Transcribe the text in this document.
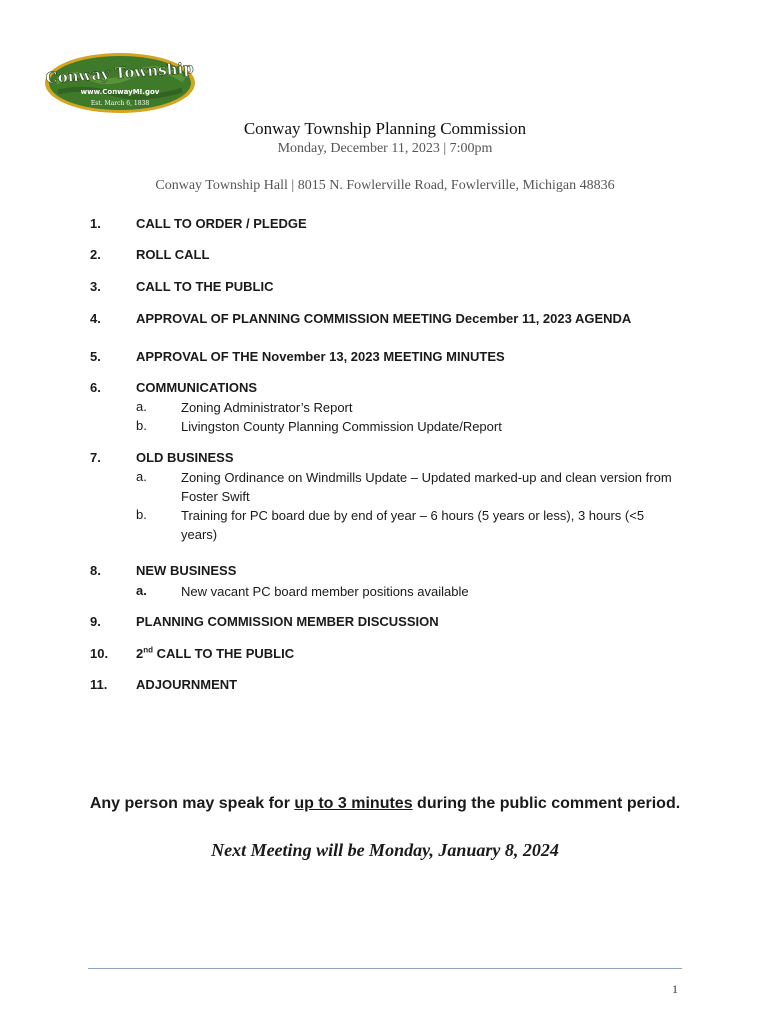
Conway Township
www.ConwayMI.gov
Est. March 6, 1838
Conway Township Planning Commission
Monday, December 11, 2023 | 7:00pm
Conway Township Hall | 8015 N. Fowlerville Road, Fowlerville, Michigan 48836
1.	CALL TO ORDER / PLEDGE
2.	ROLL CALL
3.	CALL TO THE PUBLIC
4.	APPROVAL OF PLANNING COMMISSION MEETING December 11, 2023 AGENDA
5.	APPROVAL OF THE November 13, 2023 MEETING MINUTES
6.	COMMUNICATIONS
a.	Zoning Administrator’s Report
b.	Livingston County Planning Commission Update/Report
7.	OLD BUSINESS
a.	Zoning Ordinance on Windmills Update – Updated marked-up and clean version from Foster Swift
b.	Training for PC board due by end of year – 6 hours (5 years or less), 3 hours (<5 years)
8.	NEW BUSINESS
a.	New vacant PC board member positions available
9.	PLANNING COMMISSION MEMBER DISCUSSION
10. 2nd CALL TO THE PUBLIC
11. ADJOURNMENT
Any person may speak for up to 3 minutes during the public comment period.
Next Meeting will be Monday, January 8, 2024
1
